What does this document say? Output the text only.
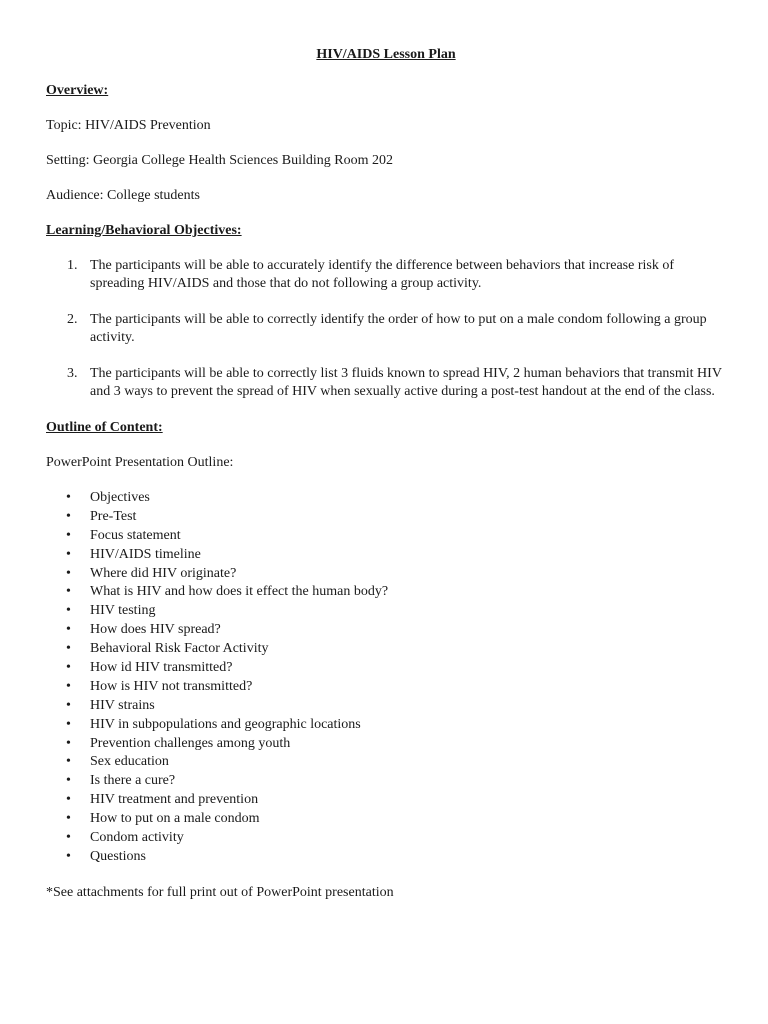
HIV/AIDS Lesson Plan
Overview:
Topic: HIV/AIDS Prevention
Setting: Georgia College Health Sciences Building Room 202
Audience: College students
Learning/Behavioral Objectives:
1. The participants will be able to accurately identify the difference between behaviors that increase risk of spreading HIV/AIDS and those that do not following a group activity.
2. The participants will be able to correctly identify the order of how to put on a male condom following a group activity.
3. The participants will be able to correctly list 3 fluids known to spread HIV, 2 human behaviors that transmit HIV and 3 ways to prevent the spread of HIV when sexually active during a post-test handout at the end of the class.
Outline of Content:
PowerPoint Presentation Outline:
• Objectives
• Pre-Test
• Focus statement
• HIV/AIDS timeline
• Where did HIV originate?
• What is HIV and how does it effect the human body?
• HIV testing
• How does HIV spread?
• Behavioral Risk Factor Activity
• How id HIV transmitted?
• How is HIV not transmitted?
• HIV strains
• HIV in subpopulations and geographic locations
• Prevention challenges among youth
• Sex education
• Is there a cure?
• HIV treatment and prevention
• How to put on a male condom
• Condom activity
• Questions
*See attachments for full print out of PowerPoint presentation
